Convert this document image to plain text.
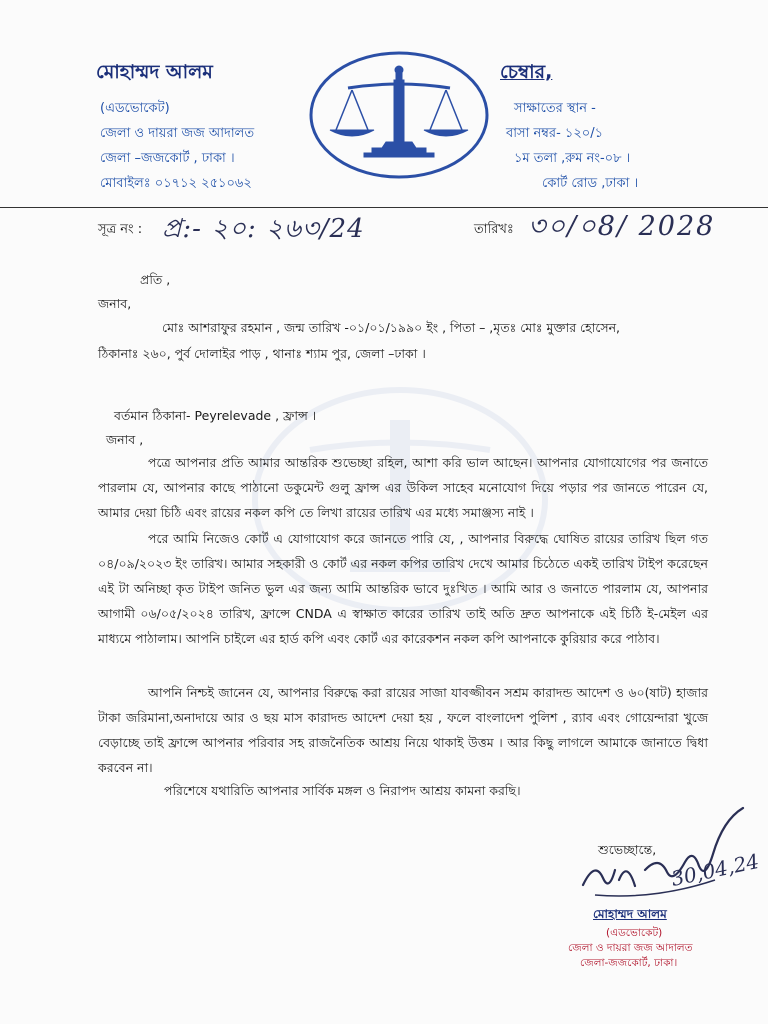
মোহাম্মদ আলম
(এডভোকেট)
জেলা ও দায়রা জজ আদালত
জেলা –জজকোর্ট , ঢাকা ।
মোবাইলঃ ০১৭১২ ২৫১০৬২
চেম্বার,
সাক্ষাতের স্থান -
বাসা নম্বর- ১২০/১
১ম তলা ,রুম নং-০৮ ।
কোর্ট রোড ,ঢাকা ।
সূত্র নং : প্র:- ২০: ২৬৩/24	তারিখঃ ৩০/০8/ 2028
প্রতি ,
জনাব,
মোঃ আশরাফুর রহমান , জন্ম তারিখ -০১/০১/১৯৯০ ইং , পিতা – ,মৃতঃ মোঃ মুক্তার হোসেন,
ঠিকানাঃ ২৬০, পুর্ব দোলাইর পাড় , থানাঃ শ্যাম পুর, জেলা –ঢাকা ।
বর্তমান ঠিকানা- Peyrelevade , ফ্রান্স ।
জনাব ,
পত্রে আপনার প্রতি আমার আন্তরিক শুভেচ্ছা রহিল, আশা করি ভাল আছেন। আপনার যোগাযোগের পর জনাতে পারলাম যে, আপনার কাছে পাঠানো ডকুমেন্ট গুলু ফ্রান্স এর উকিল সাহেব মনোযোগ দিয়ে পড়ার পর জানতে পারেন যে, আমার দেয়া চিঠি এবং রায়ের নকল কপি তে লিখা রায়ের তারিখ এর মধ্যে সমাঞ্জস্য নাই ।
পরে আমি নিজেও কোর্ট এ যোগাযোগ করে জানতে পারি যে, , আপনার বিরুদ্ধে ঘোষিত রায়ের তারিখ ছিল গত ০৪/০৯/২০২৩ ইং তারিখ। আমার সহকারী ও কোর্ট এর নকল কপির তারিখ দেখে আমার চিঠেতে একই তারিখ টাইপ করেছেন এই টা অনিচ্ছা কৃত টাইপ জনিত ভুল এর জন্য আমি আন্তরিক ভাবে দুঃখিত । আমি আর ও জনাতে পারলাম যে, আপনার আগামী ০৬/০৫/২০২৪ তারিখ, ফ্রান্সে CNDA এ স্বাক্ষাত কারের তারিখ তাই অতি দ্রুত আপনাকে এই চিঠি ই-মেইল এর মাধ্যমে পাঠালাম। আপনি চাইলে এর হার্ড কপি এবং কোর্ট এর কারেকশন নকল কপি আপনাকে কুরিয়ার করে পাঠাব।
আপনি নিশ্চই জানেন যে, আপনার বিরুদ্ধে করা রায়ের সাজা যাবজ্জীবন সশ্রম কারাদন্ড আদেশ ও ৬০(ষাট) হাজার টাকা জরিমানা,অনাদায়ে আর ও ছয় মাস কারাদন্ড আদেশ দেয়া হয় , ফলে বাংলাদেশ পুলিশ , র‍্যাব এবং গোয়েন্দারা খুজে বেড়াচ্ছে তাই ফ্রান্সে আপনার পরিবার সহ রাজনৈতিক আশ্রয় নিয়ে থাকাই উত্তম । আর কিছু লাগলে আমাকে জানাতে দ্বিধা করবেন না।
পরিশেষে যথারিতি আপনার সার্বিক মঙ্গল ও নিরাপদ আশ্রয় কামনা করছি।
শুভেচ্ছান্তে, 30,04,24
মোহাম্মদ আলম
(এডভোকেট)
জেলা ও দায়রা জজ আদালত
জেলা-জজকোর্ট, ঢাকা।
